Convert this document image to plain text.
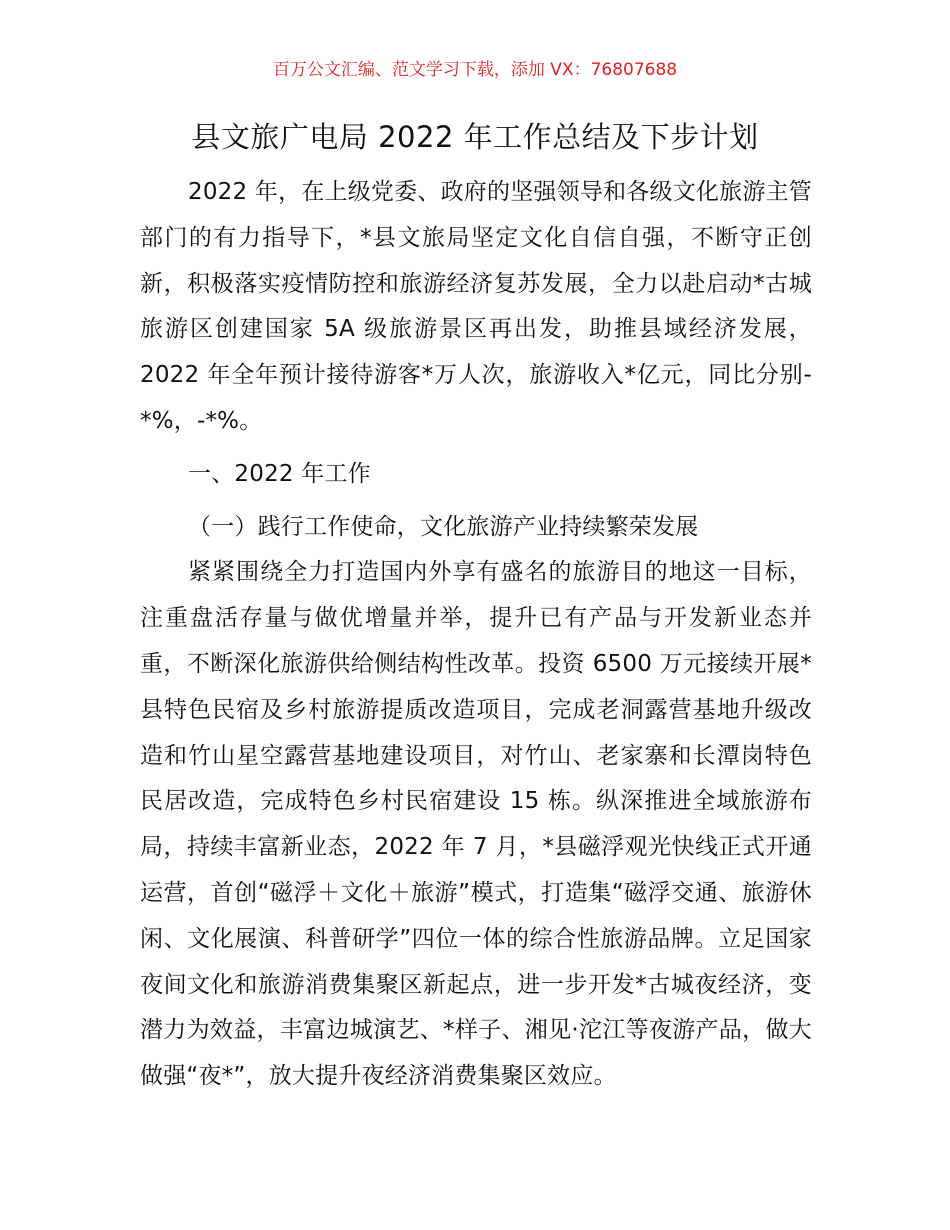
百万公文汇编、范文学习下载，添加 VX：76807688
县文旅广电局 2022 年工作总结及下步计划

2022 年，在上级党委、政府的坚强领导和各级文化旅游主管部门的有力指导下，*县文旅局坚定文化自信自强，不断守正创新，积极落实疫情防控和旅游经济复苏发展，全力以赴启动*古城旅游区创建国家 5A 级旅游景区再出发，助推县域经济发展，2022 年全年预计接待游客*万人次，旅游收入*亿元，同比分别-*%，-*%。

一、2022 年工作

（一）践行工作使命，文化旅游产业持续繁荣发展

紧紧围绕全力打造国内外享有盛名的旅游目的地这一目标，注重盘活存量与做优增量并举，提升已有产品与开发新业态并重，不断深化旅游供给侧结构性改革。投资 6500 万元接续开展*县特色民宿及乡村旅游提质改造项目，完成老洞露营基地升级改造和竹山星空露营基地建设项目，对竹山、老家寨和长潭岗特色民居改造，完成特色乡村民宿建设 15 栋。纵深推进全域旅游布局，持续丰富新业态，2022 年 7 月，*县磁浮观光快线正式开通运营，首创“磁浮＋文化＋旅游”模式，打造集“磁浮交通、旅游休闲、文化展演、科普研学”四位一体的综合性旅游品牌。立足国家夜间文化和旅游消费集聚区新起点，进一步开发*古城夜经济，变潜力为效益，丰富边城演艺、*样子、湘见·沱江等夜游产品，做大做强“夜*”，放大提升夜经济消费集聚区效应。
